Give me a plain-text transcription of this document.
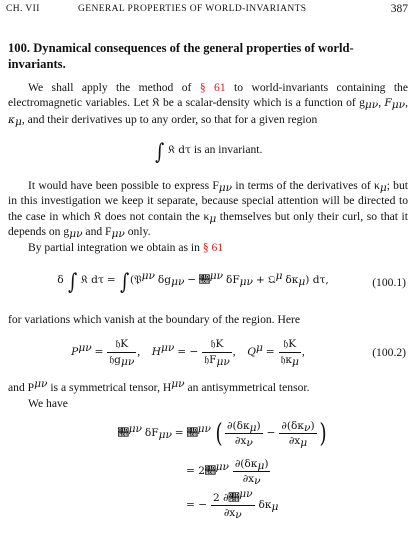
CH. VII	GENERAL PROPERTIES OF WORLD-INVARIANTS	387
100. Dynamical consequences of the general properties of world-invariants.
We shall apply the method of § 61 to world-invariants containing the electromagnetic variables. Let 𝔎 be a scalar-density which is a function of $g_{\mu\nu}$, $F_{\mu\nu}$, $\kappa_\mu$, and their derivatives up to any order, so that for a given region
∫ 𝔎 dτ is an invariant.
It would have been possible to express $F_{\mu\nu}$ in terms of the derivatives of $\kappa_\mu$; but in this investigation we keep it separate, because special attention will be directed to the case in which 𝔎 does not contain the $\kappa_\mu$ themselves but only their curl, so that it depends on $g_{\mu\nu}$ and $F_{\mu\nu}$ only.
By partial integration we obtain as in § 61
δ ∫ 𝔎 dτ = ∫(𝔓$^{\mu\nu}$ $\delta g_{\mu\nu}$ − 𝔋$^{\mu\nu}$ $\delta F_{\mu\nu}$ + 𝔔$^\mu$ $\delta\kappa_\mu$) dτ,	(100.1)
for variations which vanish at the boundary of the region. Here
$P^{\mu\nu} = \frac{\text{𝔥K}}{𝔥g_{\mu\nu}}$ ,    $H^{\mu\nu}$ = − $\frac{\text{𝔥K}}{𝔥F_{\mu\nu}}$ ,    $Q^\mu = \frac{\text{𝔥K}}{𝔥\kappa_\mu}$ ,	(100.2)
and $P^{\mu\nu}$ is a symmetrical tensor, $H^{\mu\nu}$ an antisymmetrical tensor.
We have
𝔋$^{\mu\nu}$ $\delta F_{\mu\nu}$ = 𝔋$^{\mu\nu}$ ( $\frac{\partial(\delta\kappa_\mu)}{\partial x_\nu} - \frac{\partial(\delta\kappa_\nu)}{\partial x_\mu}$ )
= 2𝔋$^{\mu\nu}$ $\frac{\partial(\delta\kappa_\mu)}{\partial x_\nu}$
= − $\frac{2 \partial𝔋^{\mu\nu}}{\partial x_\nu} \delta\kappa_\mu$
